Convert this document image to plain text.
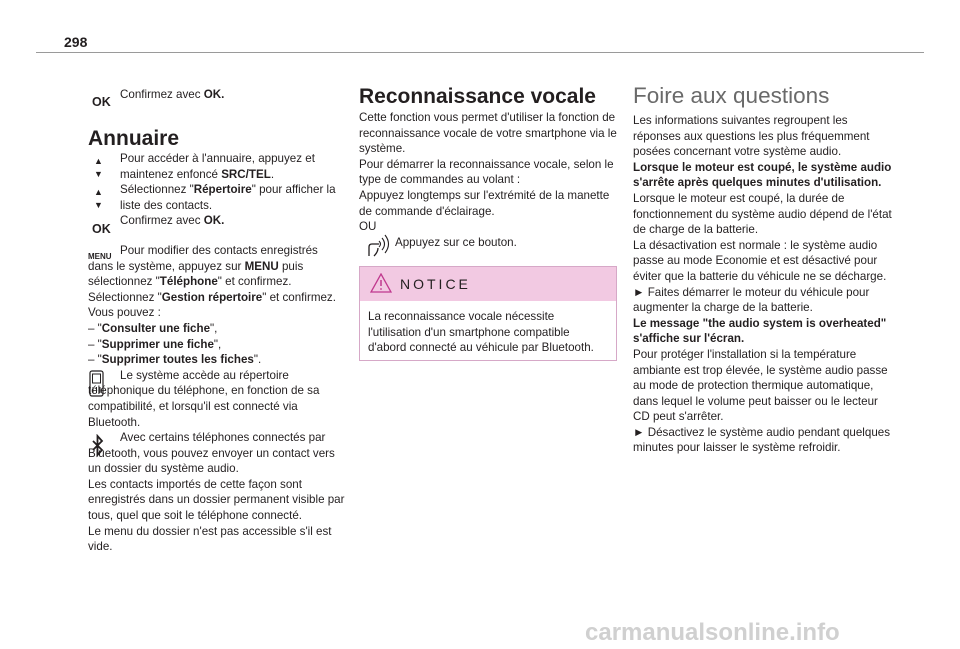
298
OK

Confirmez avec OK.

Annuaire
▲
▼
▲
▼
OK
MENU

Pour accéder à l'annuaire, appuyez et maintenez enfoncé SRC/TEL.

Sélectionnez "Répertoire" pour afficher la liste des contacts.

Confirmez avec OK.

Pour modifier des contacts enregistrés dans le système, appuyez sur MENU puis sélectionnez "Téléphone" et confirmez.

Sélectionnez "Gestion répertoire" et confirmez.

Vous pouvez :

– "Consulter une fiche",

– "Supprimer une fiche",

– "Supprimer toutes les fiches".

Le système accède au répertoire téléphonique du téléphone, en fonction de sa compatibilité, et lorsqu'il est connecté via Bluetooth.

Avec certains téléphones connectés par Bluetooth, vous pouvez envoyer un contact vers un dossier du système audio.

Les contacts importés de cette façon sont enregistrés dans un dossier permanent visible par tous, quel que soit le téléphone connecté.

Le menu du dossier n'est pas accessible s'il est vide.

Reconnaissance vocale

Cette fonction vous permet d'utiliser la fonction de reconnaissance vocale de votre smartphone via le système.

Pour démarrer la reconnaissance vocale, selon le type de commandes au volant :

Appuyez longtemps sur l'extrémité de la manette de commande d'éclairage.

OU

Appuyez sur ce bouton.

NOTICE
La reconnaissance vocale nécessite l'utilisation d'un smartphone compatible d'abord connecté au véhicule par Bluetooth.
Foire aux questions

Les informations suivantes regroupent les réponses aux questions les plus fréquemment posées concernant votre système audio.

Lorsque le moteur est coupé, le système audio s'arrête après quelques minutes d'utilisation.

Lorsque le moteur est coupé, la durée de fonctionnement du système audio dépend de l'état de charge de la batterie.

La désactivation est normale : le système audio passe au mode Economie et est désactivé pour éviter que la batterie du véhicule ne se décharge.

► Faites démarrer le moteur du véhicule pour augmenter la charge de la batterie.

Le message "the audio system is overheated" s'affiche sur l'écran.

Pour protéger l'installation si la température ambiante est trop élevée, le système audio passe au mode de protection thermique automatique, dans lequel le volume peut baisser ou le lecteur CD peut s'arrêter.

► Désactivez le système audio pendant quelques minutes pour laisser le système refroidir.

carmanualsonline.info
